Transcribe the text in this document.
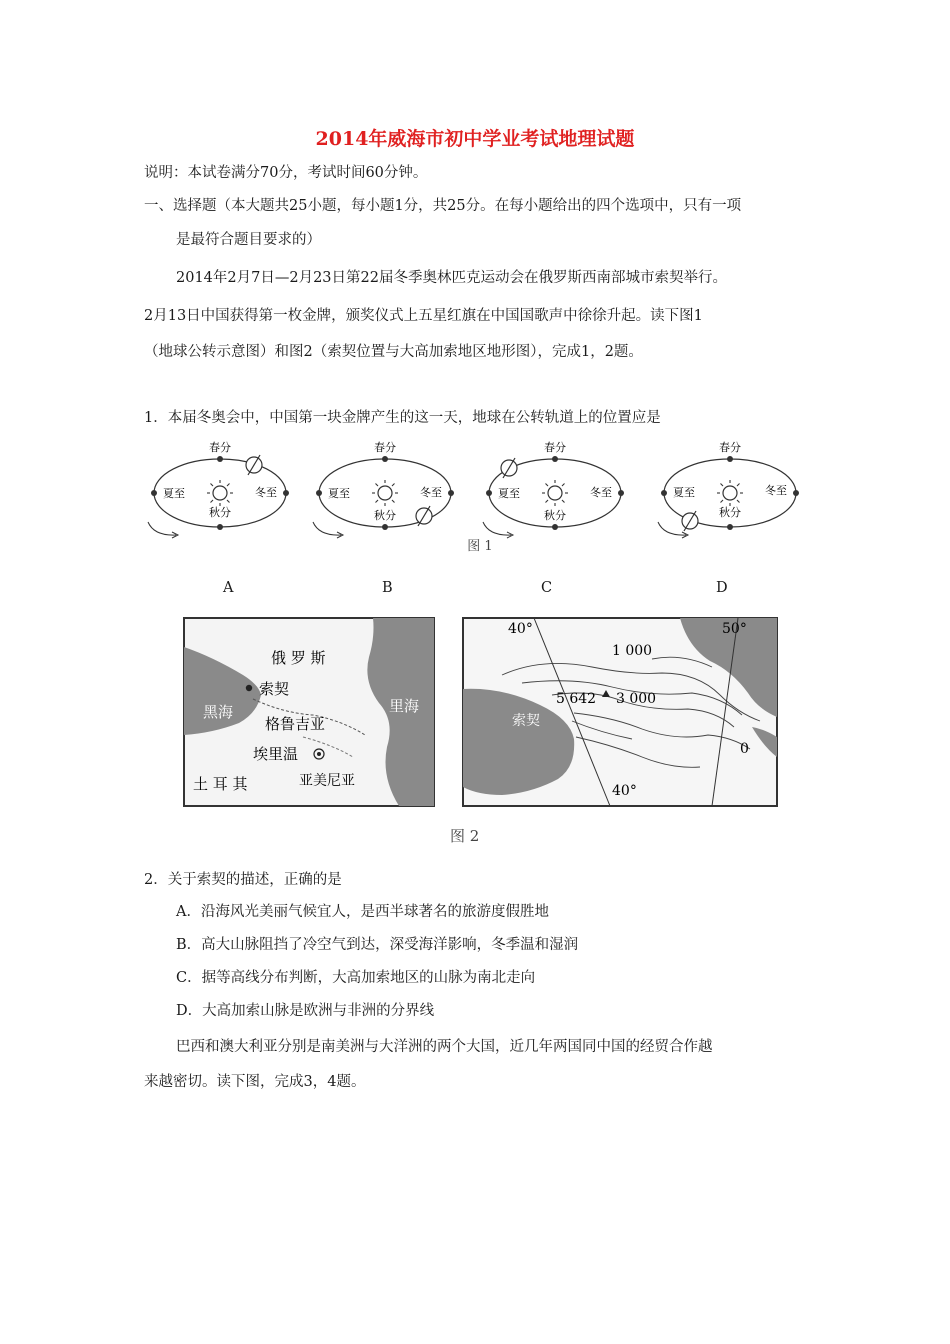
2014年威海市初中学业考试地理试题
说明：本试卷满分70分，考试时间60分钟。
一、选择题（本大题共25小题，每小题1分，共25分。在每小题给出的四个选项中，只有一项
是最符合题目要求的）
2014年2月7日—2月23日第22届冬季奥林匹克运动会在俄罗斯西南部城市索契举行。
2月13日中国获得第一枚金牌，颁奖仪式上五星红旗在中国国歌声中徐徐升起。读下图1
（地球公转示意图）和图2（索契位置与大高加索地区地形图），完成1，2题。
1．本届冬奥会中，中国第一块金牌产生的这一天，地球在公转轨道上的位置应是
春分
夏至
秋分
冬至
春分
夏至
秋分
冬至
春分
夏至
秋分
冬至
春分
夏至
秋分
冬至
图 1
A	B	C	D
俄 罗 斯
索契
黑海
格鲁吉亚
里海
埃里温
土 耳 其	亚美尼亚
40°	50°
1 000
5 642 3 000
索契
0
40°
图 2
2．关于索契的描述，正确的是
A．沿海风光美丽气候宜人，是西半球著名的旅游度假胜地
B．高大山脉阻挡了冷空气到达，深受海洋影响，冬季温和湿润
C．据等高线分布判断，大高加索地区的山脉为南北走向
D．大高加索山脉是欧洲与非洲的分界线
巴西和澳大利亚分别是南美洲与大洋洲的两个大国，近几年两国同中国的经贸合作越
来越密切。读下图，完成3，4题。
